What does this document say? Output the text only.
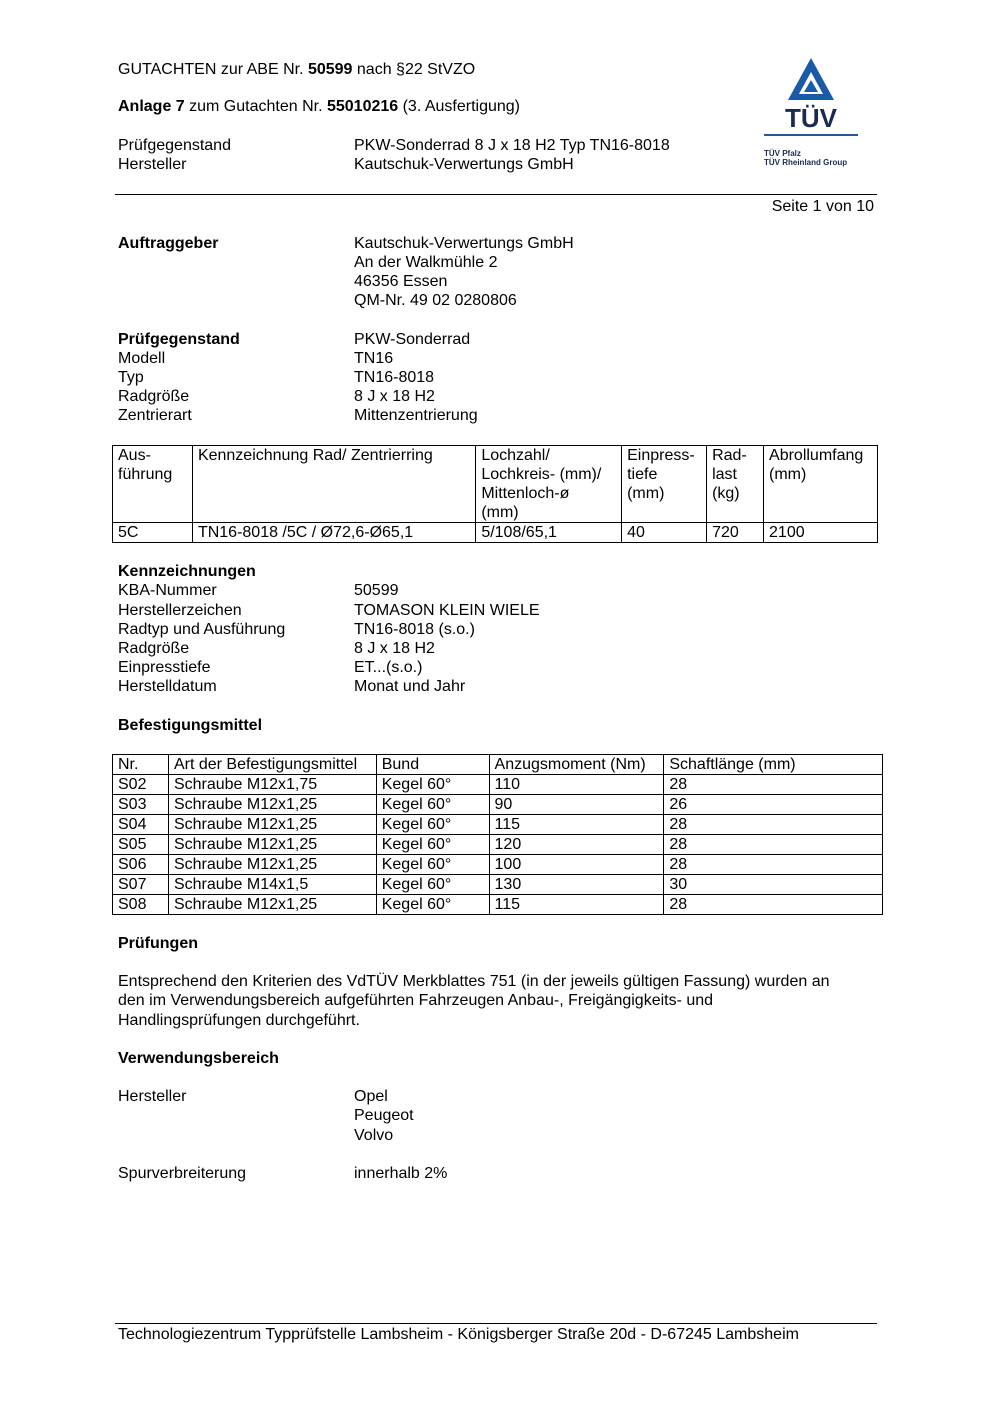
GUTACHTEN zur ABE Nr. 50599 nach §22 StVZO
Anlage 7 zum Gutachten Nr. 55010216 (3. Ausfertigung)
Prüfgegenstand	PKW-Sonderrad 8 J x 18 H2 Typ TN16-8018
Hersteller	Kautschuk-Verwertungs GmbH
TÜV
TÜV Pfalz
TÜV Rheinland Group
Seite 1 von 10
Auftraggeber	Kautschuk-Verwertungs GmbH
An der Walkmühle 2
46356 Essen
QM-Nr. 49 02 0280806
Prüfgegenstand	PKW-Sonderrad
Modell	TN16
Typ	TN16-8018
Radgröße	8 J x 18 H2
Zentrierart	Mittenzentrierung
Aus-
führung	Kennzeichnung Rad/ Zentrierring	Lochzahl/
Lochkreis- (mm)/
Mittenloch-ø
(mm)	Einpress-
tiefe
(mm)	Rad-
last
(kg)	Abrollumfang
(mm)
5C	TN16-8018 /5C / Ø72,6-Ø65,1	5/108/65,1	40	720	2100
Kennzeichnungen
KBA-Nummer	50599
Herstellerzeichen	TOMASON KLEIN WIELE
Radtyp und Ausführung	TN16-8018 (s.o.)
Radgröße	8 J x 18 H2
Einpresstiefe	ET...(s.o.)
Herstelldatum	Monat und Jahr
Befestigungsmittel
Nr.	Art der Befestigungsmittel	Bund	Anzugsmoment (Nm)	Schaftlänge (mm)
S02	Schraube M12x1,75	Kegel 60°	110	28
S03	Schraube M12x1,25	Kegel 60°	90	26
S04	Schraube M12x1,25	Kegel 60°	115	28
S05	Schraube M12x1,25	Kegel 60°	120	28
S06	Schraube M12x1,25	Kegel 60°	100	28
S07	Schraube M14x1,5	Kegel 60°	130	30
S08	Schraube M12x1,25	Kegel 60°	115	28
Prüfungen
Entsprechend den Kriterien des VdTÜV Merkblattes 751 (in der jeweils gültigen Fassung) wurden an
den im Verwendungsbereich aufgeführten Fahrzeugen Anbau-, Freigängigkeits- und
Handlingsprüfungen durchgeführt.
Verwendungsbereich
Hersteller	Opel
Peugeot
Volvo
Spurverbreiterung	innerhalb 2%
Technologiezentrum Typprüfstelle Lambsheim - Königsberger Straße 20d - D-67245 Lambsheim
